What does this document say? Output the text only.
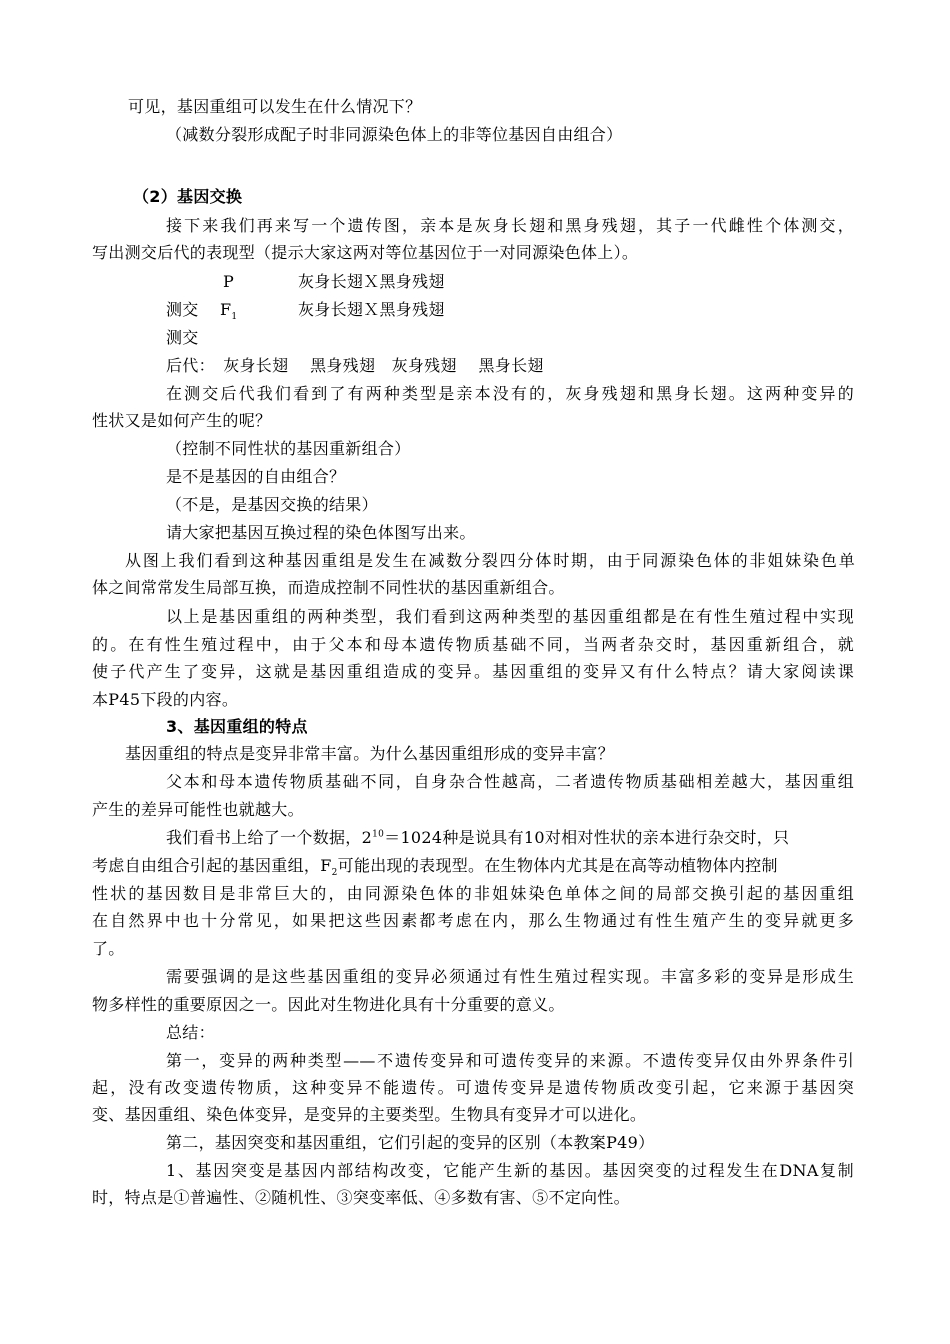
可见，基因重组可以发生在什么情况下？
（减数分裂形成配子时非同源染色体上的非等位基因自由组合）
（2）基因交换
接下来我们再来写一个遗传图，亲本是灰身长翅和黑身残翅，其子一代雌性个体测交，
写出测交后代的表现型（提示大家这两对等位基因位于一对同源染色体上）。
P	灰身长翅Ｘ黑身残翅
测交 $F_1$	灰身长翅Ｘ黑身残翅
测交
后代：　灰身长翅　 黑身残翅　灰身残翅　 黑身长翅
在测交后代我们看到了有两种类型是亲本没有的，灰身残翅和黑身长翅。这两种变异的
性状又是如何产生的呢？
（控制不同性状的基因重新组合）
是不是基因的自由组合？
（不是，是基因交换的结果）
请大家把基因互换过程的染色体图写出来。
从图上我们看到这种基因重组是发生在减数分裂四分体时期，由于同源染色体的非姐妹染色单
体之间常常发生局部互换，而造成控制不同性状的基因重新组合。
以上是基因重组的两种类型，我们看到这两种类型的基因重组都是在有性生殖过程中实现
的。在有性生殖过程中，由于父本和母本遗传物质基础不同，当两者杂交时，基因重新组合，就
使子代产生了变异，这就是基因重组造成的变异。基因重组的变异又有什么特点？请大家阅读课
本P45下段的内容。
3、基因重组的特点
基因重组的特点是变异非常丰富。为什么基因重组形成的变异丰富？
父本和母本遗传物质基础不同，自身杂合性越高，二者遗传物质基础相差越大，基因重组
产生的差异可能性也就越大。
我们看书上给了一个数据，$2^{10}=1024$种是说具有10对相对性状的亲本进行杂交时，只
考虑自由组合引起的基因重组，$F_2$可能出现的表现型。在生物体内尤其是在高等动植物体内控制
性状的基因数目是非常巨大的，由同源染色体的非姐妹染色单体之间的局部交换引起的基因重组
在自然界中也十分常见，如果把这些因素都考虑在内，那么生物通过有性生殖产生的变异就更多
了。
需要强调的是这些基因重组的变异必须通过有性生殖过程实现。丰富多彩的变异是形成生
物多样性的重要原因之一。因此对生物进化具有十分重要的意义。
总结：
第一，变异的两种类型——不遗传变异和可遗传变异的来源。不遗传变异仅由外界条件引
起，没有改变遗传物质，这种变异不能遗传。可遗传变异是遗传物质改变引起，它来源于基因突
变、基因重组、染色体变异，是变异的主要类型。生物具有变异才可以进化。
第二，基因突变和基因重组，它们引起的变异的区别（本教案P49）
1、基因突变是基因内部结构改变，它能产生新的基因。基因突变的过程发生在DNA复制
时，特点是①普遍性、②随机性、③突变率低、④多数有害、⑤不定向性。
